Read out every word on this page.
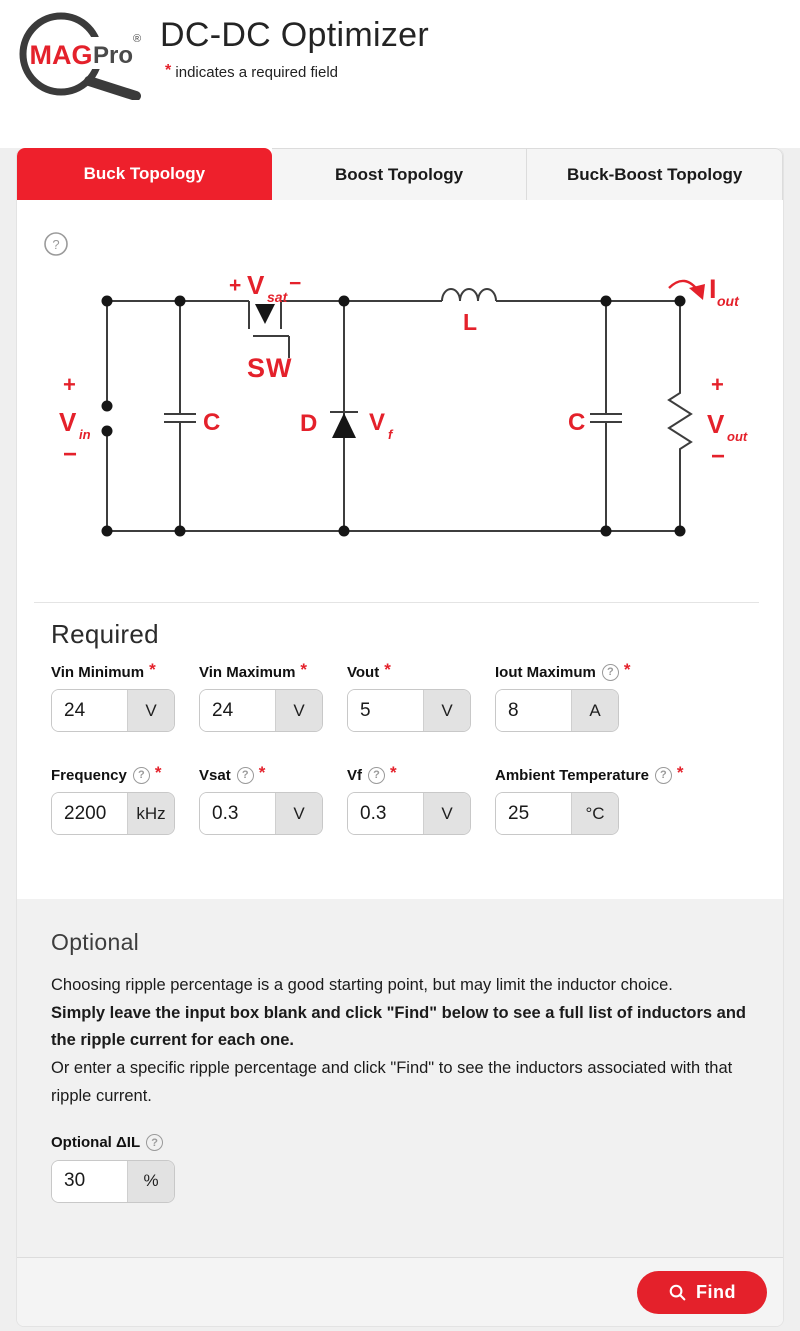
MAG Pro
® DC-DC Optimizer
* indicates a required field
Buck Topology	Boost Topology	Buck-Boost Topology
?
+ V sat
−
SW
+
V in
−
C	D V f
L
C
I out
+
V out
−
Required
Vin Minimum *
24
V
Vin Maximum *
24
V
Vout *
5
V
Iout Maximum	? *
8
A
Frequency	? *
2200
kHz
Vsat	? *
0.3
V
Vf	? *
0.3
V
Ambient Temperature	? *
25
°C
Optional

Choosing ripple percentage is a good starting point, but may limit the inductor choice.

Simply leave the input box blank and click "Find" below to see a full list of inductors and the ripple current for each one.

Or enter a specific ripple percentage and click "Find" to see the inductors associated with that ripple current.

Optional ΔIL	?
30
%
Find
